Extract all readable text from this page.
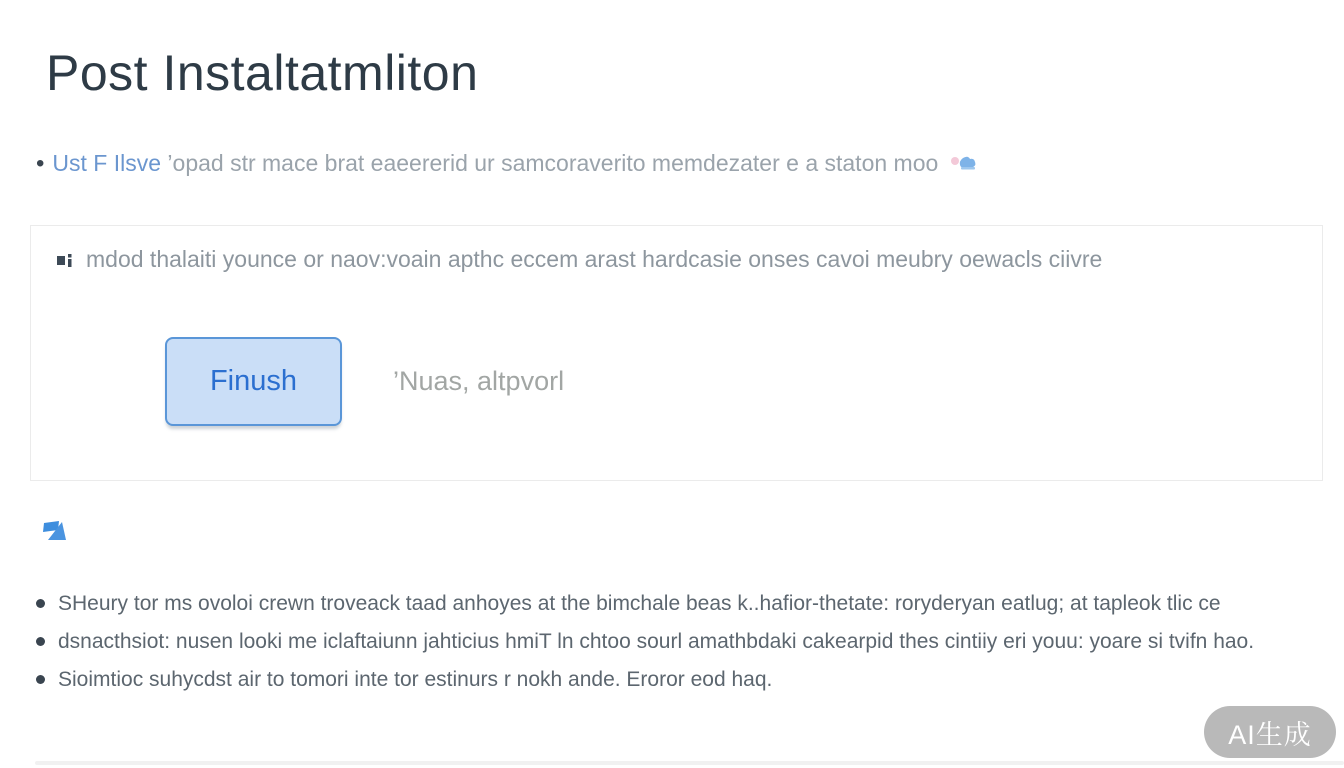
Post Instaltatmliton
• Ust F Ilsve ’opad str mace brat eaeererid ur samcoraverito memdezater e a staton moo
mdod thalaiti younce or naov:voain apthc eccem arast hardcasie onses cavoi meubry oewacls ciivre
Finush	’Nuas, altpvorl
SHeury tor ms ovoloi crewn troveack taad anhoyes at the bimchale beas k..hafior-thetate: roryderyan eatlug; at tapleok tlic ce
dsnacthsiot: nusen looki me iclaftaiunn jahticius hmiT ln chtoo sourl amathbdaki cakearpid thes cintiiy eri youu: yoare si tvifn hao.
Sioimtioc suhycdst air to tomori inte tor estinurs r nokh ande. Eroror eod haq.
AI生成
